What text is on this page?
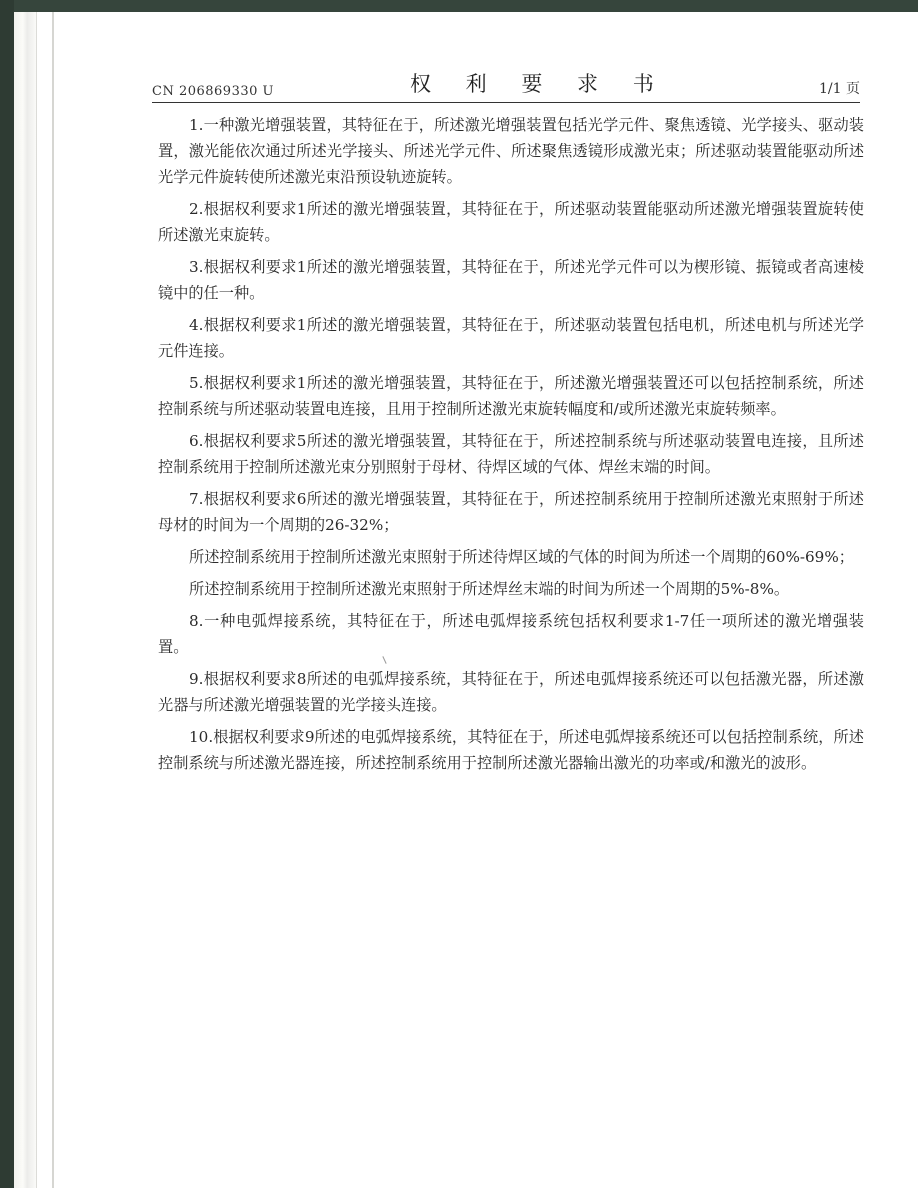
CN 206869330 U	权 利 要 求 书	1/1 页

1.一种激光增强装置，其特征在于，所述激光增强装置包括光学元件、聚焦透镜、光学接头、驱动装置，激光能依次通过所述光学接头、所述光学元件、所述聚焦透镜形成激光束；所述驱动装置能驱动所述光学元件旋转使所述激光束沿预设轨迹旋转。

2.根据权利要求1所述的激光增强装置，其特征在于，所述驱动装置能驱动所述激光增强装置旋转使所述激光束旋转。

3.根据权利要求1所述的激光增强装置，其特征在于，所述光学元件可以为楔形镜、振镜或者高速棱镜中的任一种。

4.根据权利要求1所述的激光增强装置，其特征在于，所述驱动装置包括电机，所述电机与所述光学元件连接。

5.根据权利要求1所述的激光增强装置，其特征在于，所述激光增强装置还可以包括控制系统，所述控制系统与所述驱动装置电连接，且用于控制所述激光束旋转幅度和/或所述激光束旋转频率。

6.根据权利要求5所述的激光增强装置，其特征在于，所述控制系统与所述驱动装置电连接，且所述控制系统用于控制所述激光束分别照射于母材、待焊区域的气体、焊丝末端的时间。

7.根据权利要求6所述的激光增强装置，其特征在于，所述控制系统用于控制所述激光束照射于所述母材的时间为一个周期的26-32%；

所述控制系统用于控制所述激光束照射于所述待焊区域的气体的时间为所述一个周期的60%-69%；

所述控制系统用于控制所述激光束照射于所述焊丝末端的时间为所述一个周期的5%-8%。

8.一种电弧焊接系统，其特征在于，所述电弧焊接系统包括权利要求1-7任一项所述的激光增强装置。

9.根据权利要求8所述的电弧焊接系统，其特征在于，所述电弧焊接系统还可以包括激光器，所述激光器与所述激光增强装置的光学接头连接。

10.根据权利要求9所述的电弧焊接系统，其特征在于，所述电弧焊接系统还可以包括控制系统，所述控制系统与所述激光器连接，所述控制系统用于控制所述激光器输出激光的功率或/和激光的波形。
